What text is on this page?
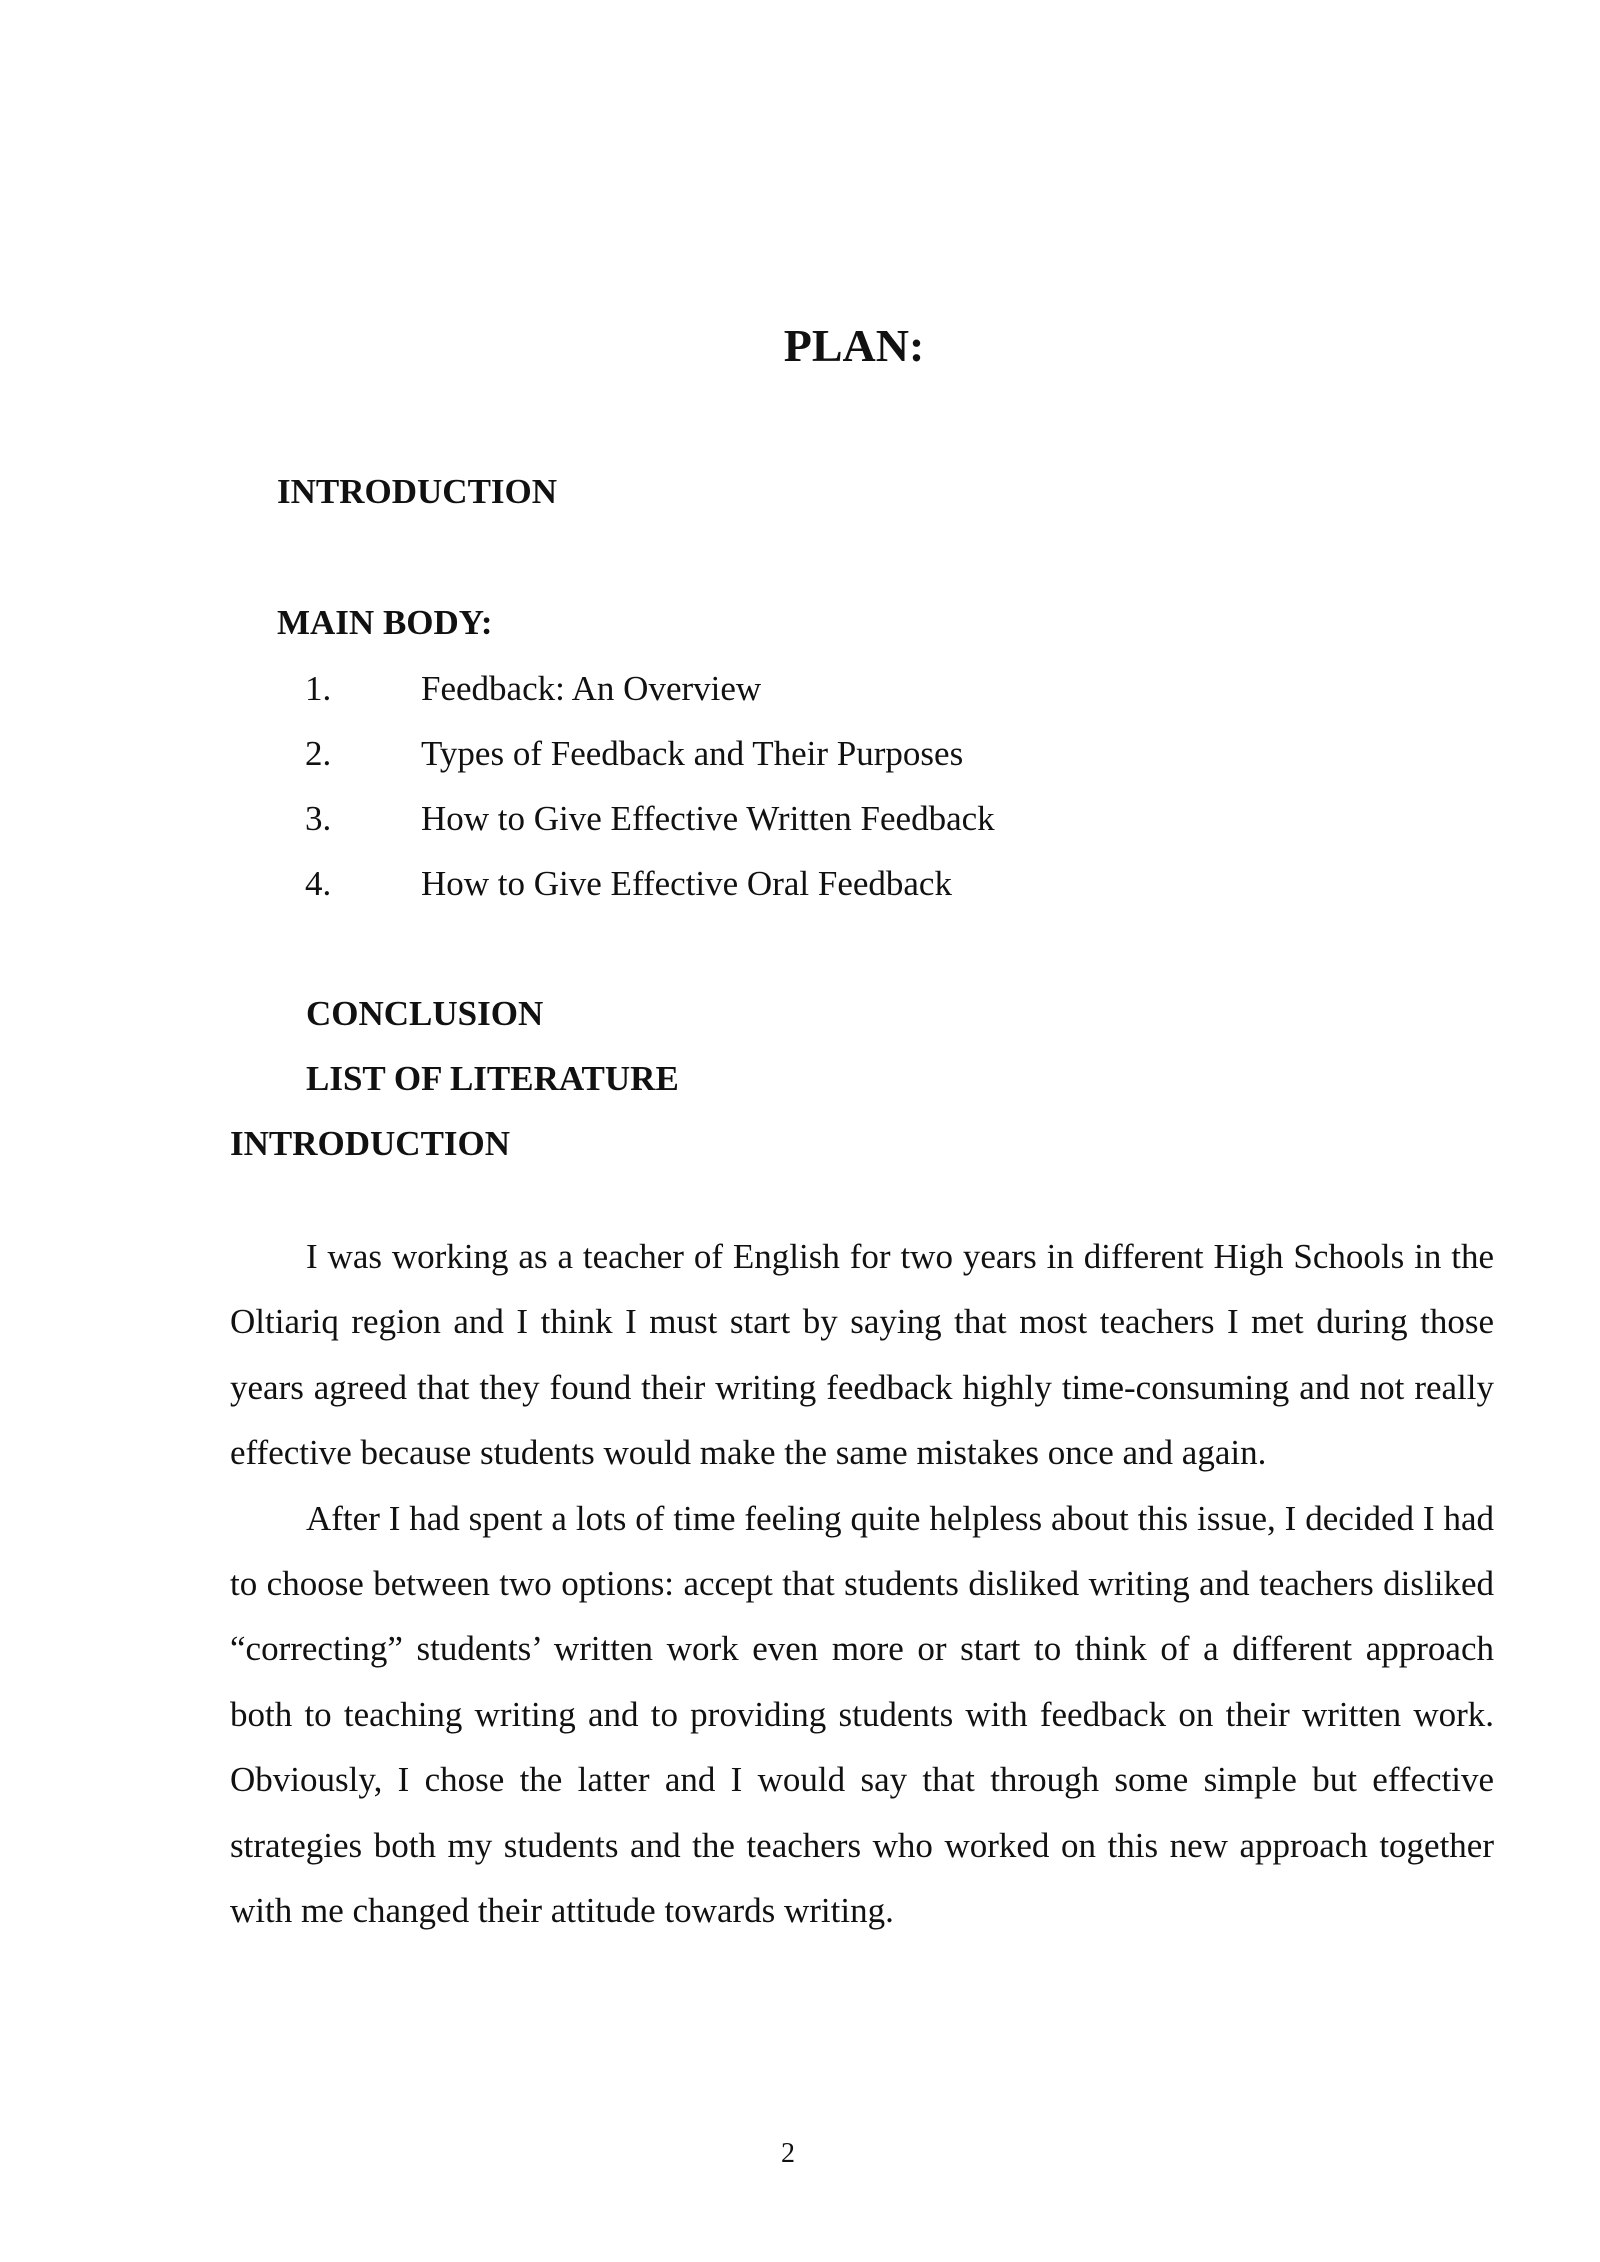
PLAN:
INTRODUCTION
MAIN BODY:
1.	Feedback: An Overview
2.	Types of Feedback and Their Purposes
3.	How to Give Effective Written Feedback
4.	How to Give Effective Oral Feedback
CONCLUSION
LIST OF LITERATURE
INTRODUCTION

I was working as a teacher of English for two years in different High Schools in the Oltiariq region and I think I must start by saying that most teachers I met during those years agreed that they found their writing feedback highly time-consuming and not really effective because students would make the same mistakes once and again.

After I had spent a lots of time feeling quite helpless about this issue, I decided I had to choose between two options: accept that students disliked writing and teachers disliked “correcting” students’ written work even more or start to think of a different approach both to teaching writing and to providing students with feedback on their written work. Obviously, I chose the latter and I would say that through some simple but effective strategies both my students and the teachers who worked on this new approach together with me changed their attitude towards writing.

2
